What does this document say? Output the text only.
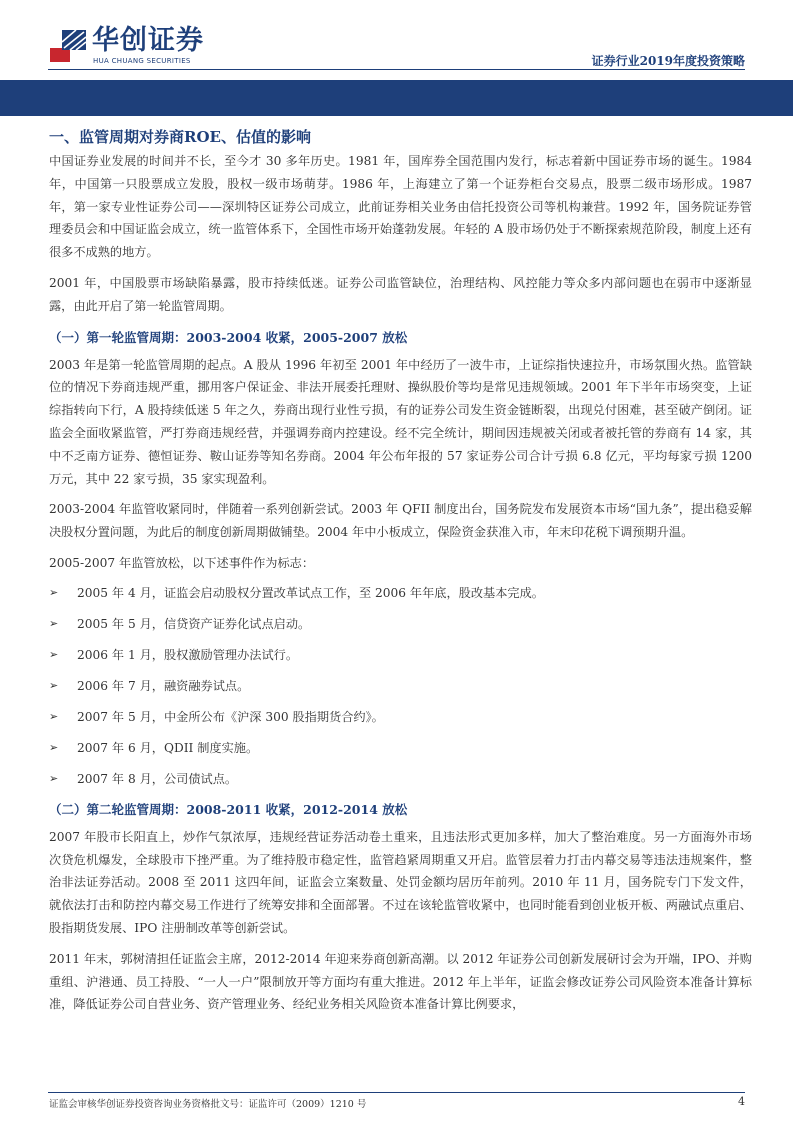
华创证券
HUA CHUANG SECURITIES	证券行业2019年度投资策略
一、监管周期对券商ROE、估值的影响

中国证券业发展的时间并不长，至今才 30 多年历史。1981 年，国库券全国范围内发行，标志着新中国证券市场的诞生。1984 年，中国第一只股票成立发股，股权一级市场萌芽。1986 年，上海建立了第一个证券柜台交易点，股票二级市场形成。1987 年，第一家专业性证券公司——深圳特区证券公司成立，此前证券相关业务由信托投资公司等机构兼营。1992 年，国务院证券管理委员会和中国证监会成立，统一监管体系下，全国性市场开始蓬勃发展。年轻的 A 股市场仍处于不断探索规范阶段，制度上还有很多不成熟的地方。

2001 年，中国股票市场缺陷暴露，股市持续低迷。证券公司监管缺位，治理结构、风控能力等众多内部问题也在弱市中逐渐显露，由此开启了第一轮监管周期。

（一）第一轮监管周期：2003-2004 收紧，2005-2007 放松

2003 年是第一轮监管周期的起点。A 股从 1996 年初至 2001 年中经历了一波牛市，上证综指快速拉升，市场氛围火热。监管缺位的情况下券商违规严重，挪用客户保证金、非法开展委托理财、操纵股价等均是常见违规领域。2001 年下半年市场突变，上证综指转向下行，A 股持续低迷 5 年之久，券商出现行业性亏损，有的证券公司发生资金链断裂，出现兑付困难，甚至破产倒闭。证监会全面收紧监管，严打券商违规经营，并强调券商内控建设。经不完全统计，期间因违规被关闭或者被托管的券商有 14 家，其中不乏南方证券、德恒证券、鞍山证券等知名券商。2004 年公布年报的 57 家证券公司合计亏损 6.8 亿元，平均每家亏损 1200 万元，其中 22 家亏损，35 家实现盈利。

2003-2004 年监管收紧同时，伴随着一系列创新尝试。2003 年 QFII 制度出台，国务院发布发展资本市场“国九条”，提出稳妥解决股权分置问题，为此后的制度创新周期做铺垫。2004 年中小板成立，保险资金获准入市，年末印花税下调预期升温。

2005-2007 年监管放松，以下述事件作为标志：

➢	2005 年 4 月，证监会启动股权分置改革试点工作，至 2006 年年底，股改基本完成。
➢	2005 年 5 月，信贷资产证券化试点启动。
➢	2006 年 1 月，股权激励管理办法试行。
➢	2006 年 7 月，融资融券试点。
➢	2007 年 5 月，中金所公布《沪深 300 股指期货合约》。
➢	2007 年 6 月，QDII 制度实施。
➢	2007 年 8 月，公司债试点。
（二）第二轮监管周期：2008-2011 收紧，2012-2014 放松

2007 年股市长阳直上，炒作气氛浓厚，违规经营证券活动卷土重来，且违法形式更加多样，加大了整治难度。另一方面海外市场次贷危机爆发，全球股市下挫严重。为了维持股市稳定性，监管趋紧周期重又开启。监管层着力打击内幕交易等违法违规案件，整治非法证券活动。2008 至 2011 这四年间，证监会立案数量、处罚金额均居历年前列。2010 年 11 月，国务院专门下发文件，就依法打击和防控内幕交易工作进行了统筹安排和全面部署。不过在该轮监管收紧中，也同时能看到创业板开板、两融试点重启、股指期货发展、IPO 注册制改革等创新尝试。

2011 年末，郭树清担任证监会主席，2012-2014 年迎来券商创新高潮。以 2012 年证券公司创新发展研讨会为开端，IPO、并购重组、沪港通、员工持股、“一人一户”限制放开等方面均有重大推进。2012 年上半年，证监会修改证券公司风险资本准备计算标准，降低证券公司自营业务、资产管理业务、经纪业务相关风险资本准备计算比例要求，

证监会审核华创证券投资咨询业务资格批文号：证监许可（2009）1210 号	4
